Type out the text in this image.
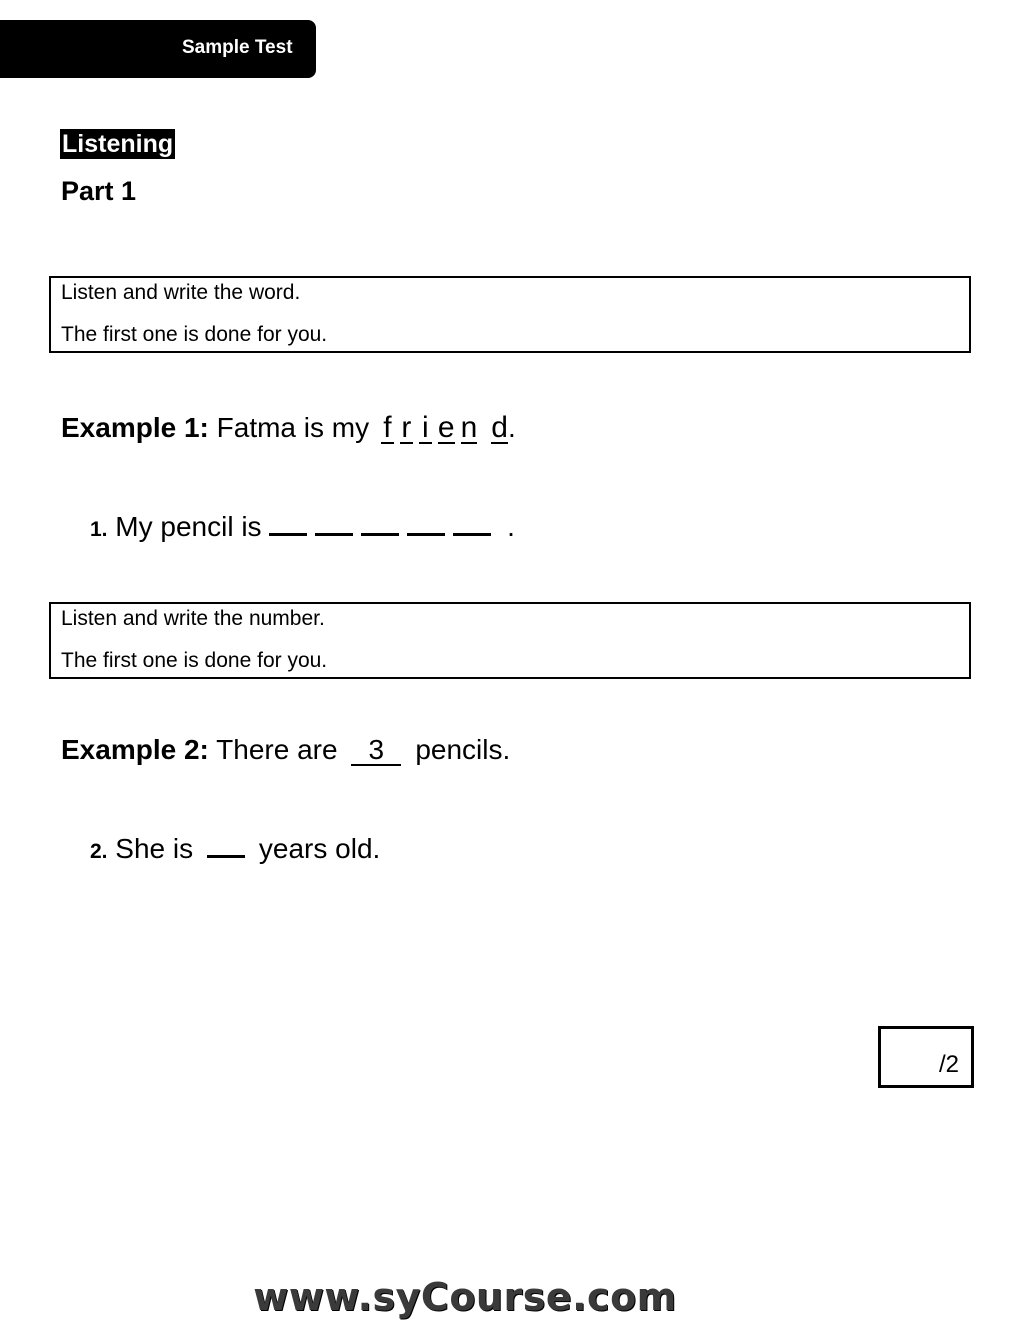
Sample Test
Listening
Part 1
Listen and write the word.
The first one is done for you.
Example 1: Fatma is my f r i e n d.
1. My pencil is	.
Listen and write the number.
The first one is done for you.
Example 2: There are 3 pencils.
2. She is years old.
/2
www.syCourse.com
